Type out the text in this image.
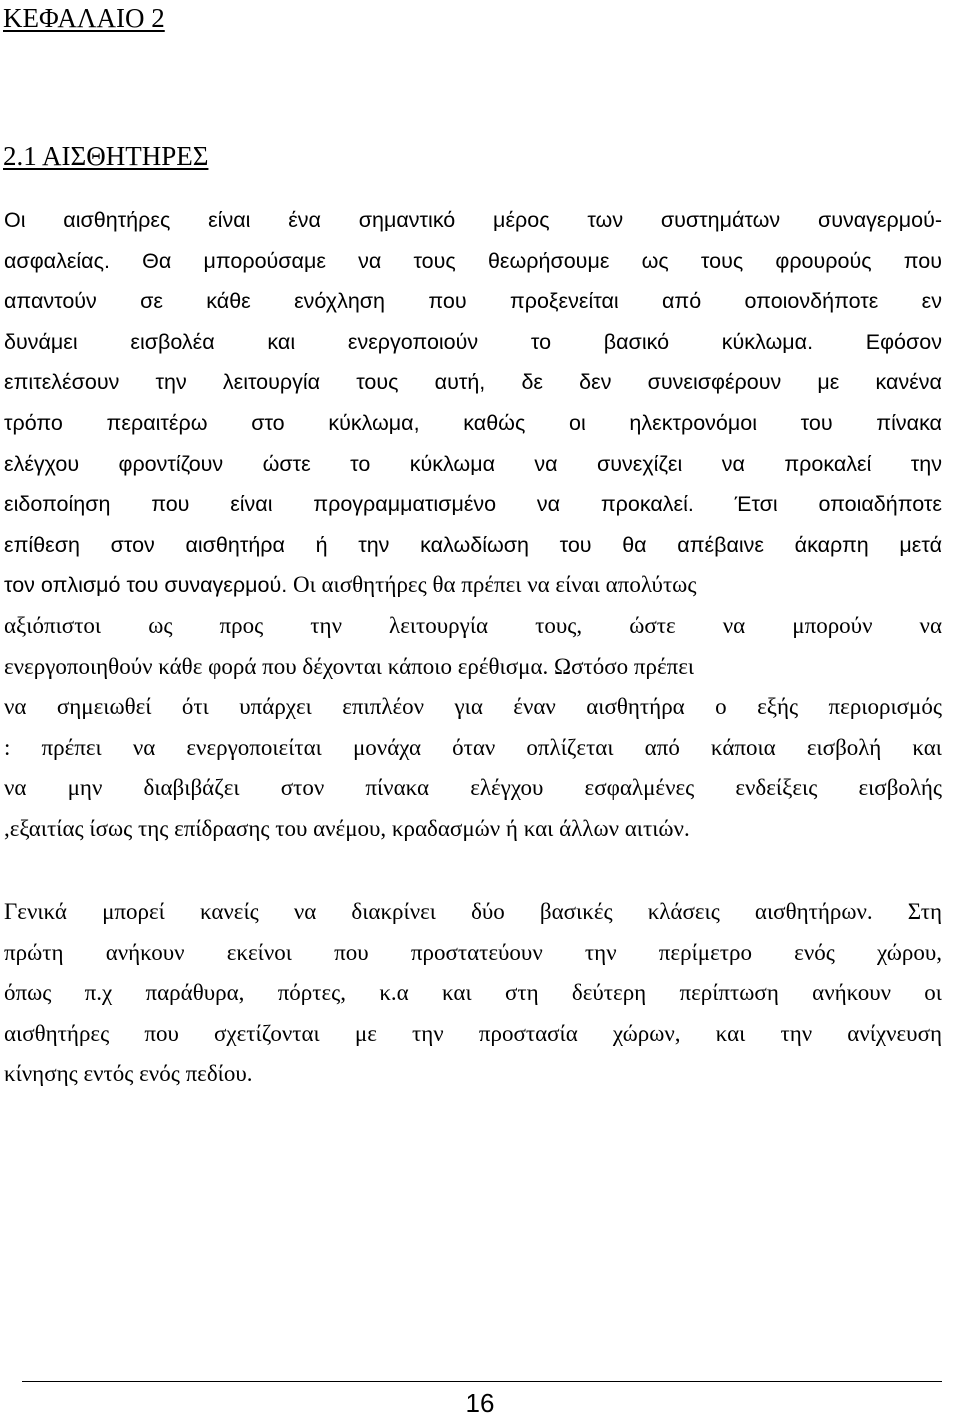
ΚΕΦΑΛΑΙΟ 2
2.1 ΑΙΣΘΗΤΗΡΕΣ
Οι αισθητήρες είναι ένα σημαντικό μέρος των συστημάτων συναγερμού-
ασφαλείας. Θα μπορούσαμε να τους θεωρήσουμε ως τους φρουρούς που
απαντούν σε κάθε ενόχληση που προξενείται από οποιονδήποτε εν
δυνάμει εισβολέα και ενεργοποιούν το βασικό κύκλωμα. Εφόσον
επιτελέσουν την λειτουργία τους αυτή, δε δεν συνεισφέρουν με κανένα
τρόπο περαιτέρω στο κύκλωμα, καθώς οι ηλεκτρονόμοι του πίνακα
ελέγχου φροντίζουν ώστε το κύκλωμα να συνεχίζει να προκαλεί την
ειδοποίηση που είναι προγραμματισμένο να προκαλεί. Έτσι οποιαδήποτε
επίθεση στον αισθητήρα ή την καλωδίωση του θα απέβαινε άκαρπη μετά
τον οπλισμό του συναγερμού. Οι αισθητήρες θα πρέπει να είναι απολύτως
αξιόπιστοι ως προς την λειτουργία τους, ώστε να μπορούν να
ενεργοποιηθούν κάθε φορά που δέχονται κάποιο ερέθισμα. Ωστόσο πρέπει
να σημειωθεί ότι υπάρχει επιπλέον για έναν αισθητήρα ο εξής περιορισμός
: πρέπει να ενεργοποιείται μονάχα όταν οπλίζεται από κάποια εισβολή και
να μην διαβιβάζει στον πίνακα ελέγχου εσφαλμένες ενδείξεις εισβολής
,εξαιτίας ίσως της επίδρασης του ανέμου, κραδασμών ή και άλλων αιτιών.
Γενικά μπορεί κανείς να διακρίνει δύο βασικές κλάσεις αισθητήρων. Στη
πρώτη ανήκουν εκείνοι που προστατεύουν την περίμετρο ενός χώρου,
όπως π.χ παράθυρα, πόρτες, κ.α και στη δεύτερη περίπτωση ανήκουν οι
αισθητήρες που σχετίζονται με την προστασία χώρων, και την ανίχνευση
κίνησης εντός ενός πεδίου.
16
